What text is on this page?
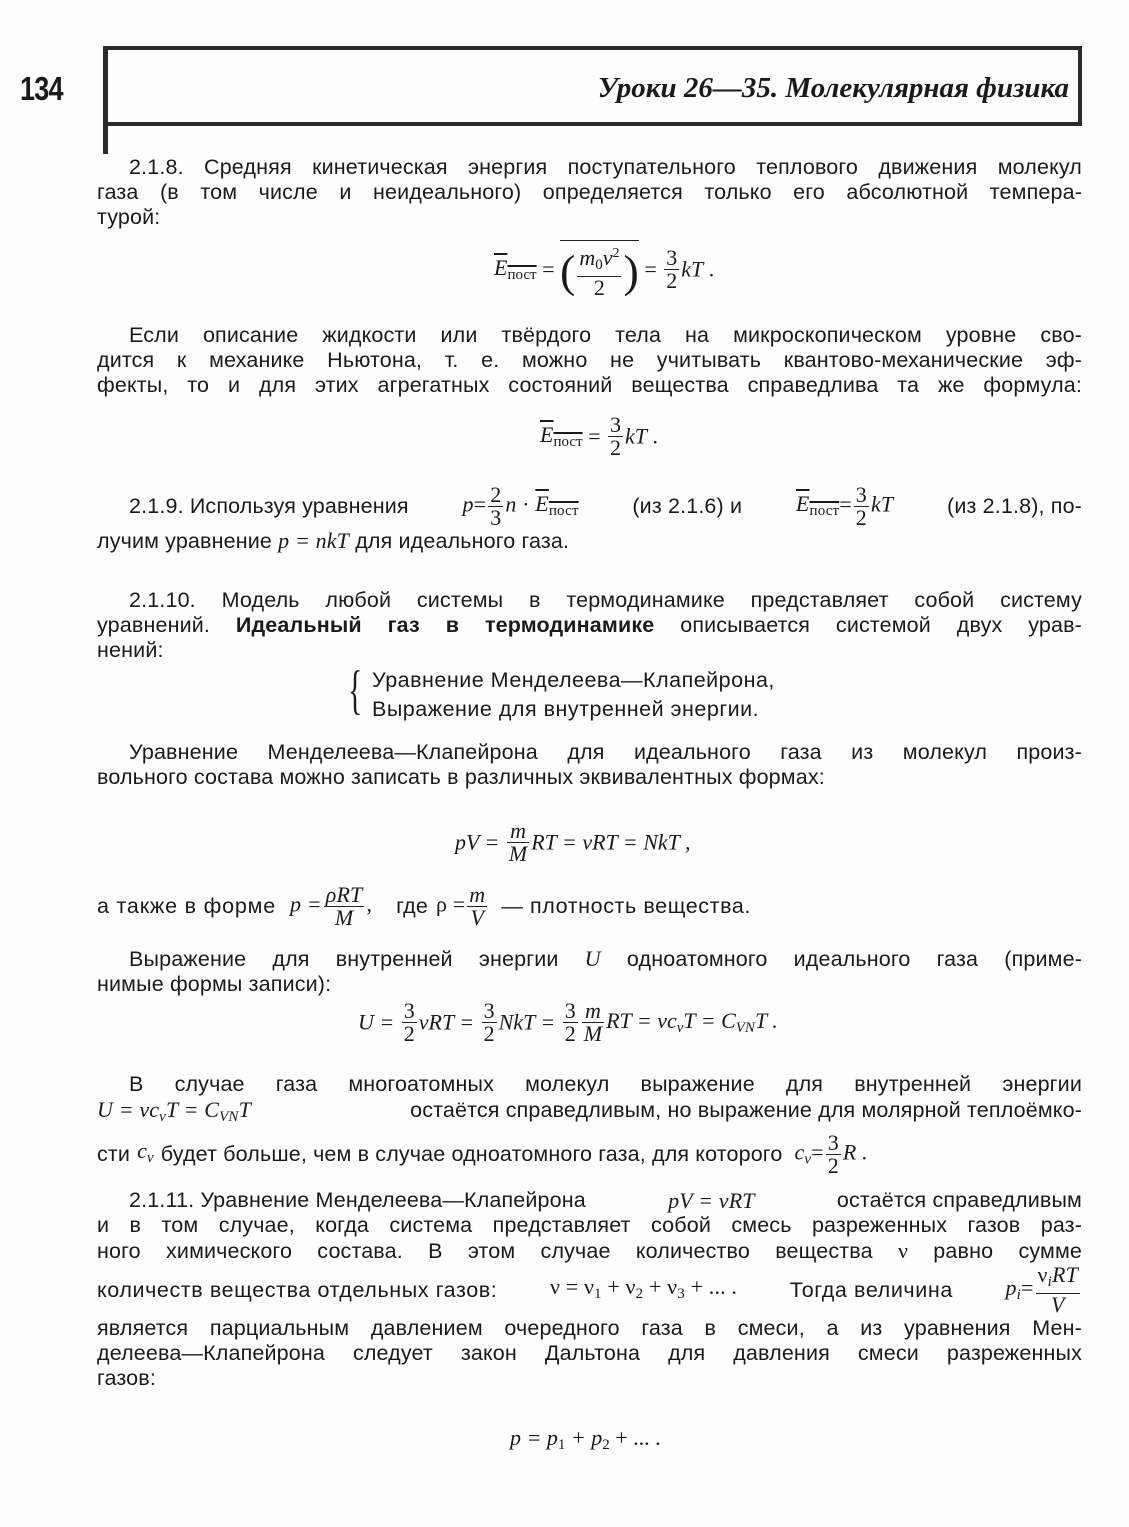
134	Уроки 26—35. Молекулярная физика
2.1.8. Средняя кинетическая энергия поступательного теплового движения молекул
газа (в том числе и неидеального) определяется только его абсолютной темпера-
турой:
$E_{пост}$ = ( $\frac{m_0v^2}{2}$ ) = $\frac{3}{2}$ kT .
Если описание жидкости или твёрдого тела на микроскопическом уровне сво-
дится к механике Ньютона, т. е. можно не учитывать квантово-механические эф-
фекты, то и для этих агрегатных состояний вещества справедлива та же формула:
$E_{пост} = \frac{3}{2}$ kT .
2.1.9. Используя уравнения $p= \frac{2}{3}$ $n \cdot E_{пост}$	(из 2.1.6) и $E_{пост}= \frac{3}{2}$ kT	(из 2.1.8), по-
лучим уравнение p = nkT для идеального газа.
2.1.10. Модель любой системы в термодинамике представляет собой систему
уравнений. Идеальный газ в термодинамике описывается системой двух урав-
нений:
{ Уравнение Менделеева—Клапейрона,
Выражение для внутренней энергии.
Уравнение Менделеева—Клапейрона для идеального газа из молекул произ-
вольного состава можно записать в различных эквивалентных формах:
pV = $\frac{m}{M}$ RT = νRT = NkT ,
а также в форме p = ρRT
M
, где $\rho = \frac{m}{V}$ — плотность вещества.
Выражение для внутренней энергии U одноатомного идеального газа (приме-
нимые формы записи):
$U = \frac{3}{2}$ $\nu RT = \frac{3}{2}$ NkT = $\frac{3}{2} \frac{m}{M}$ RT = $\nu c_vT = C_{VN}T$ .
В случае газа многоатомных молекул выражение для внутренней энергии
$U = \nu c_vT = C_{VN}T$	остаётся справедливым, но выражение для молярной теплоёмко-
сти $c_v$ будет больше, чем в случае одноатомного газа, для которого $c_v= \frac{3}{2}$ R .
2.1.11. Уравнение Менделеева—Клапейрона	pV = νRT	остаётся справедливым
и в том случае, когда система представляет собой смесь разреженных газов раз-
ного химического состава. В этом случае количество вещества ν равно сумме
количеств вещества отдельных газов: $\nu = \nu_1 + \nu_2 + \nu_3$ + ... . Тогда величина $p_i=$
$\nu_iRT$
V
является парциальным давлением очередного газа в смеси, а из уравнения Мен-
делеева—Клапейрона следует закон Дальтона для давления смеси разреженных
газов:
$p = p_1 + p_2$ + ... .
